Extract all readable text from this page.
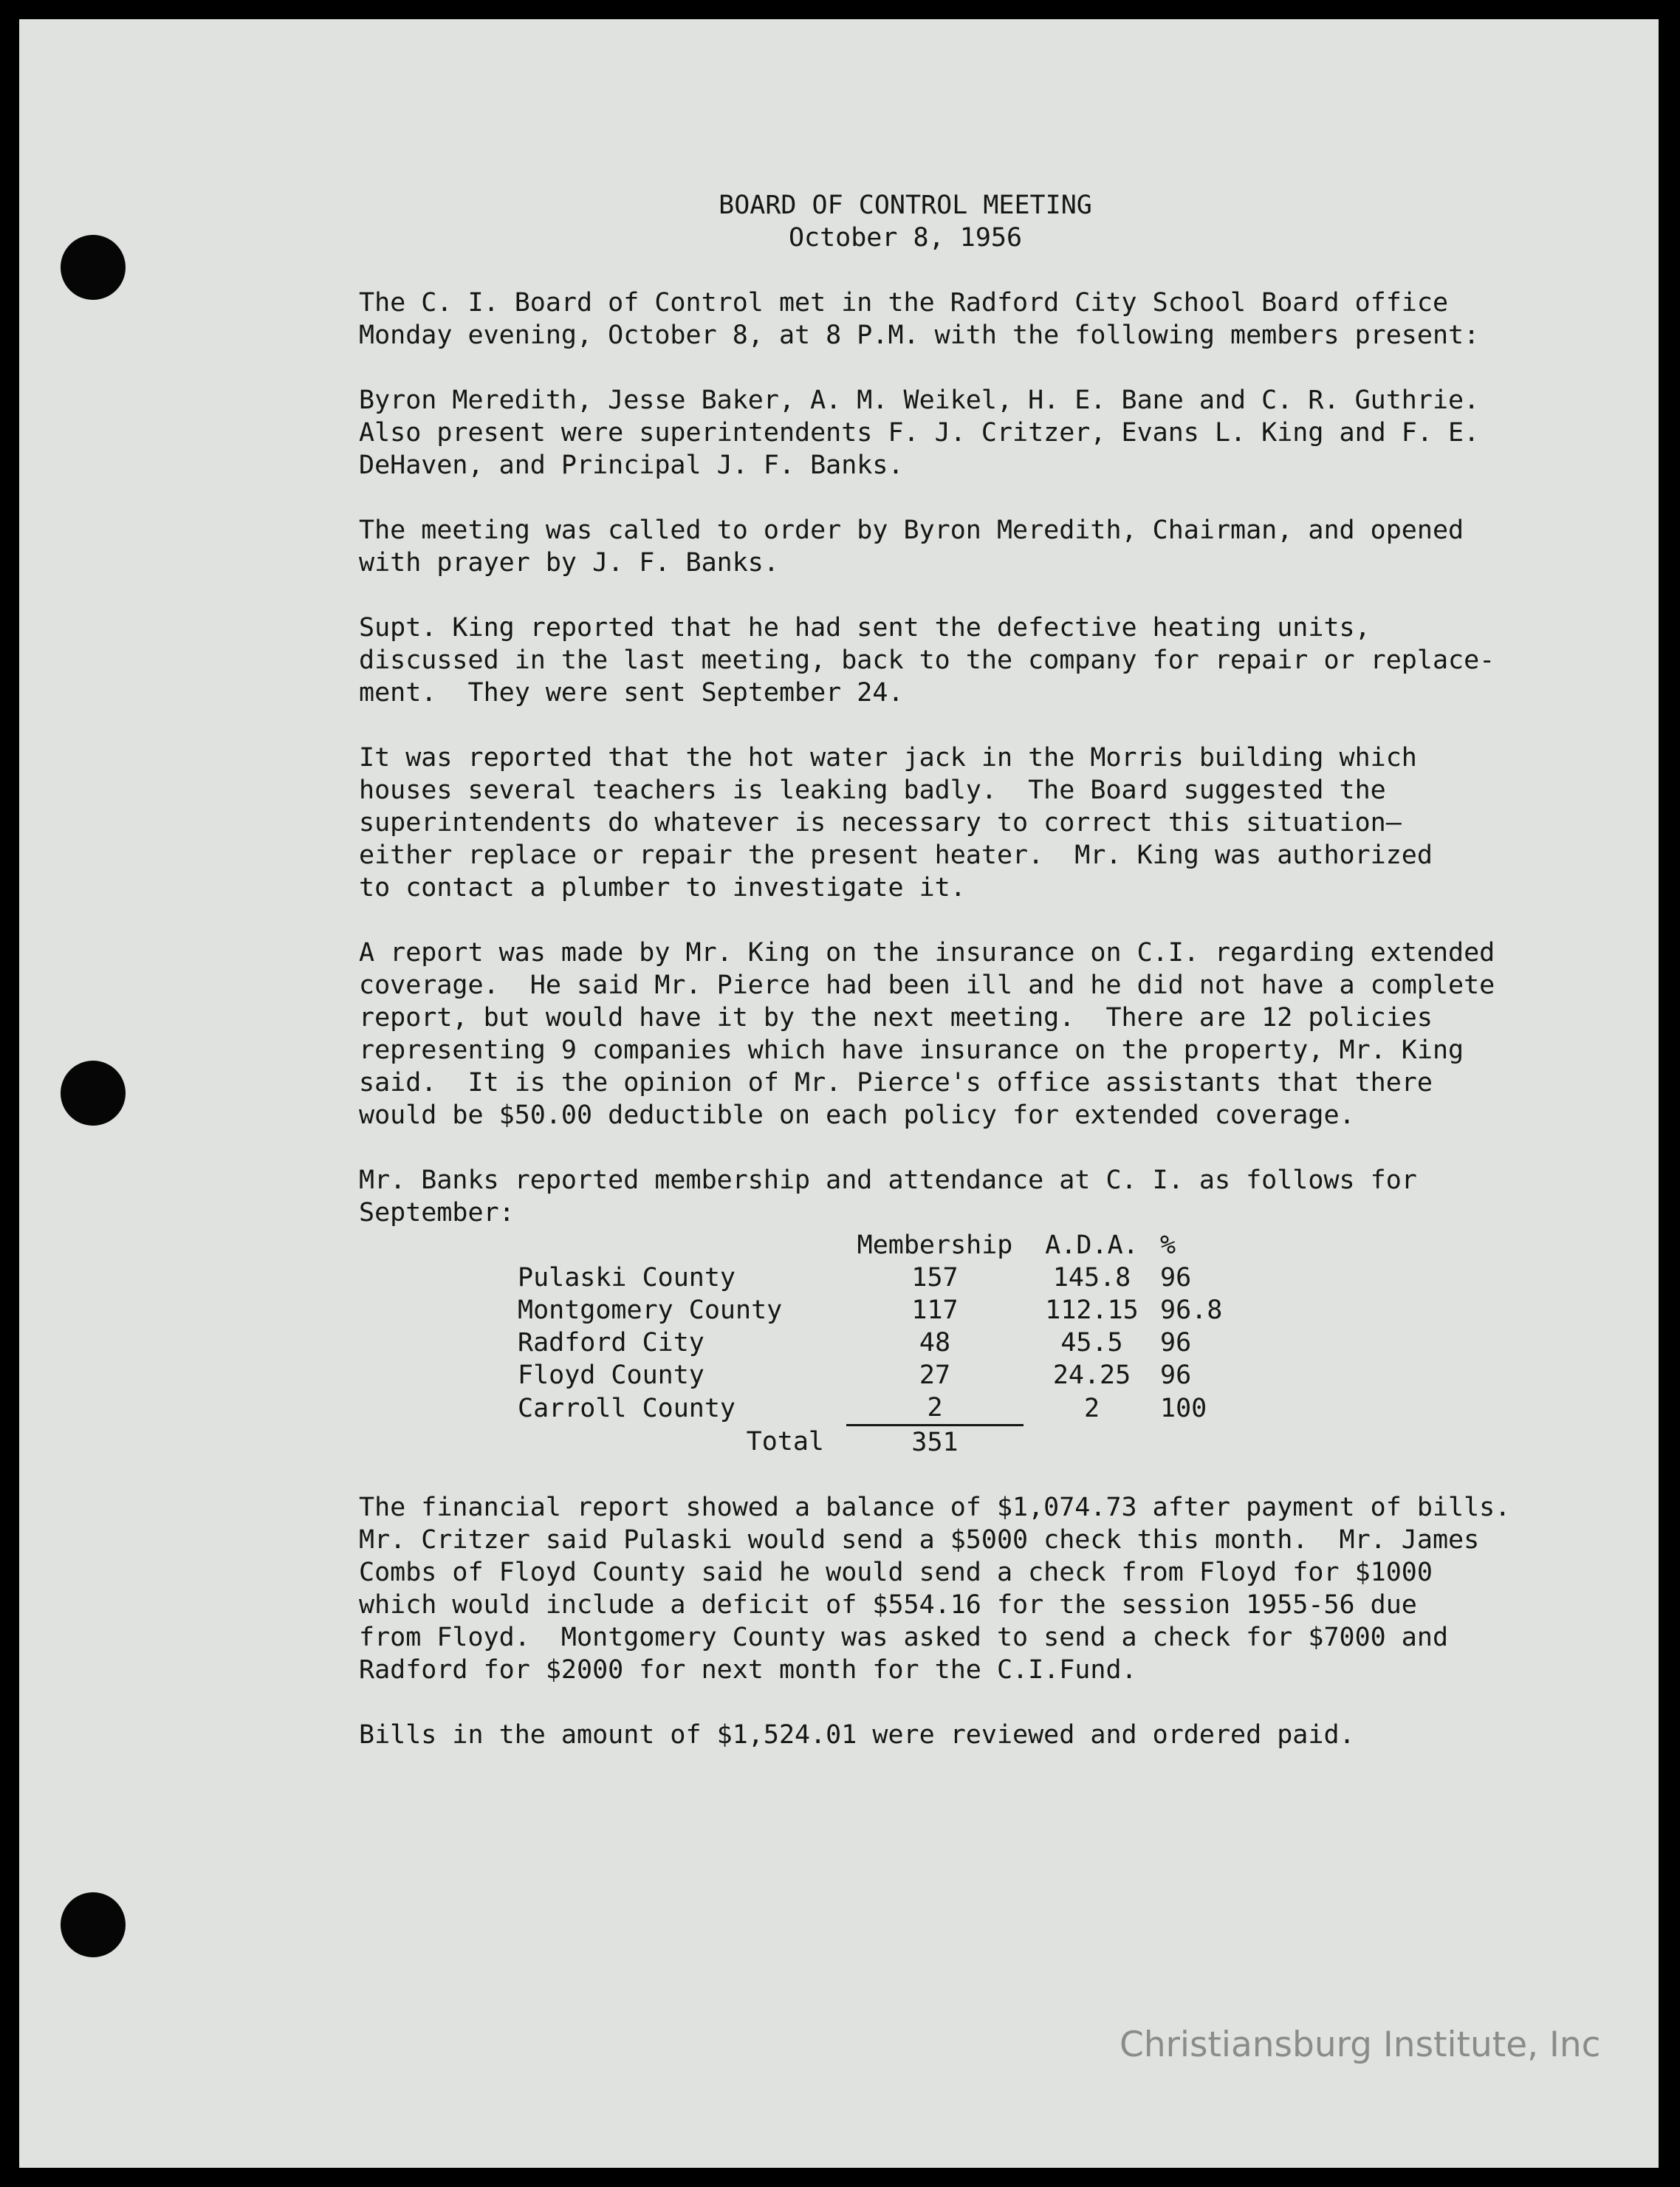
BOARD OF CONTROL MEETING
October 8, 1956

The C. I. Board of Control met in the Radford City School Board office
Monday evening, October 8, at 8 P.M. with the following members present:

Byron Meredith, Jesse Baker, A. M. Weikel, H. E. Bane and C. R. Guthrie.
Also present were superintendents F. J. Critzer, Evans L. King and F. E.
DeHaven, and Principal J. F. Banks.

The meeting was called to order by Byron Meredith, Chairman, and opened
with prayer by J. F. Banks.

Supt. King reported that he had sent the defective heating units,
discussed in the last meeting, back to the company for repair or replace-
ment.  They were sent September 24.

It was reported that the hot water jack in the Morris building which
houses several teachers is leaking badly.  The Board suggested the
superintendents do whatever is necessary to correct this situation—
either replace or repair the present heater.  Mr. King was authorized
to contact a plumber to investigate it.

A report was made by Mr. King on the insurance on C.I. regarding extended
coverage.  He said Mr. Pierce had been ill and he did not have a complete
report, but would have it by the next meeting.  There are 12 policies
representing 9 companies which have insurance on the property, Mr. King
said.  It is the opinion of Mr. Pierce's office assistants that there
would be $50.00 deductible on each policy for extended coverage.

Mr. Banks reported membership and attendance at C. I. as follows for
September:

	Membership	A.D.A.	%
Pulaski County	157	145.8	96
Montgomery County	117	112.15	96.8
Radford City	48	45.5	96
Floyd County	27	24.25	96
Carroll County	2	2	100
Total	351		

The financial report showed a balance of $1,074.73 after payment of bills.
Mr. Critzer said Pulaski would send a $5000 check this month.  Mr. James
Combs of Floyd County said he would send a check from Floyd for $1000
which would include a deficit of $554.16 for the session 1955-56 due
from Floyd.  Montgomery County was asked to send a check for $7000 and
Radford for $2000 for next month for the C.I.Fund.

Bills in the amount of $1,524.01 were reviewed and ordered paid.

Christiansburg Institute, Inc
